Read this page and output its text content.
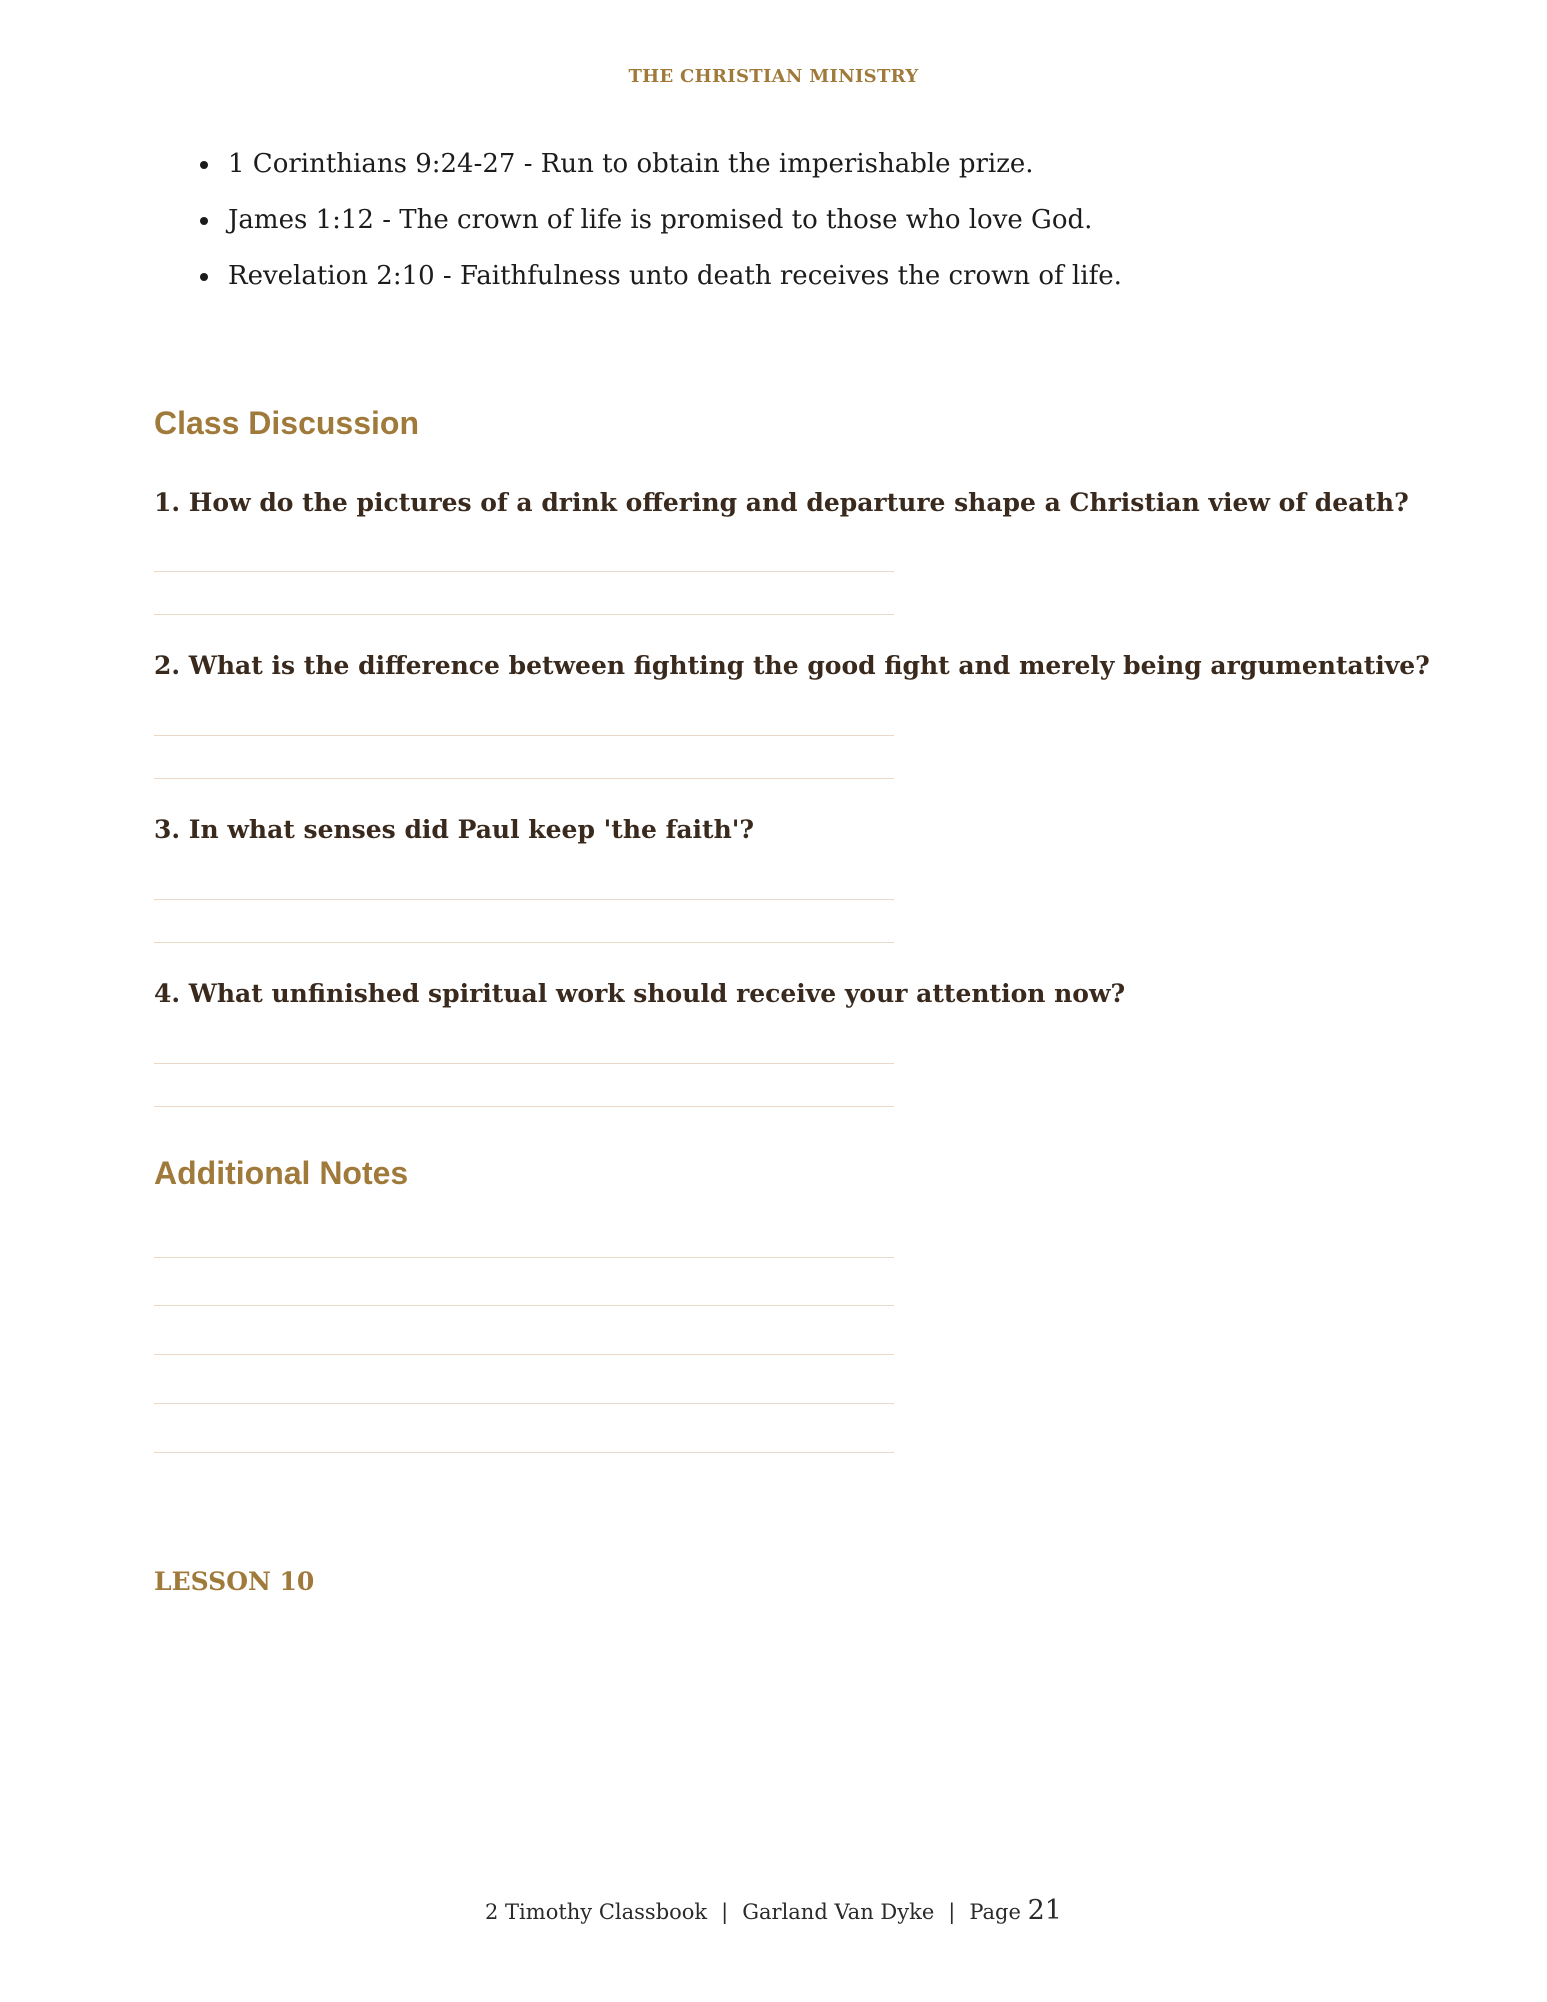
THE CHRISTIAN MINISTRY
• 1 Corinthians 9:24-27 - Run to obtain the imperishable prize.
• James 1:12 - The crown of life is promised to those who love God.
• Revelation 2:10 - Faithfulness unto death receives the crown of life.
Class Discussion
1. How do the pictures of a drink offering and departure shape a Christian view of death?
2. What is the difference between fighting the good fight and merely being argumentative?
3. In what senses did Paul keep 'the faith'?
4. What unfinished spiritual work should receive your attention now?
Additional Notes
LESSON 10
2 Timothy Classbook | Garland Van Dyke | Page 21
